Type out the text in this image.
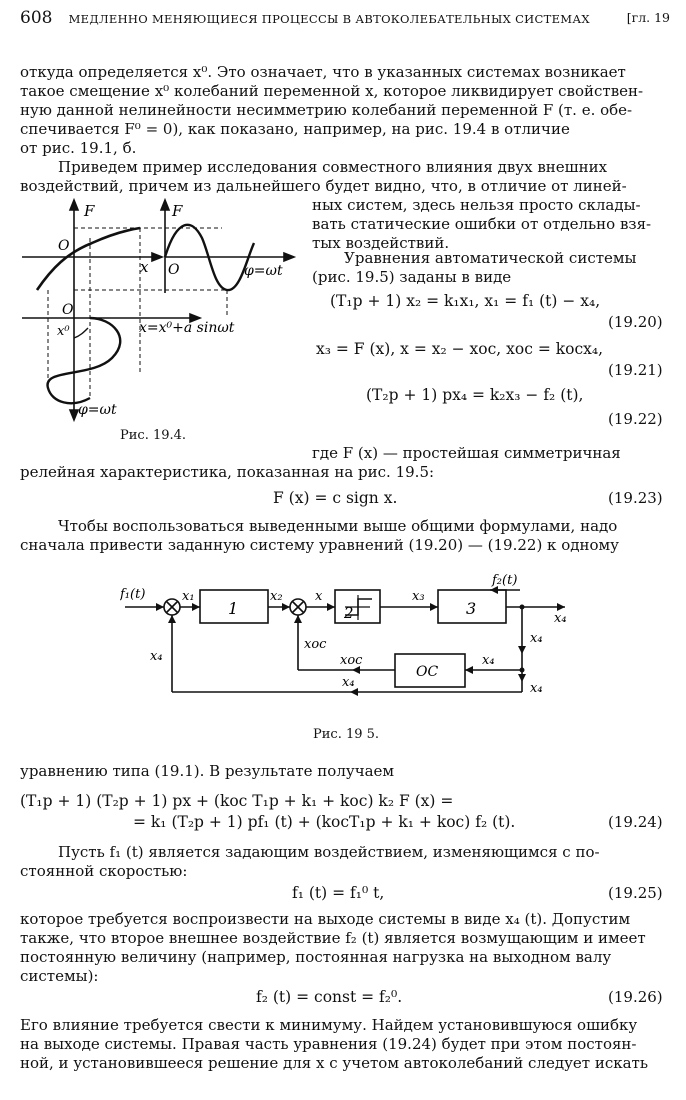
608 МЕДЛЕННО МЕНЯЮЩИЕСЯ ПРОЦЕССЫ В АВТОКОЛЕБАТЕЛЬНЫХ СИСТЕМАХ	[гл. 19
откуда определяется x⁰. Это означает, что в указанных системах возникает
такое смещение x⁰ колебаний переменной x, которое ликвидирует свойствен-
ную данной нелинейности несимметрию колебаний переменной F (т. е. обе-
спечивается F⁰ = 0), как показано, например, на рис. 19.4 в отличие
от рис. 19.1, б.
Приведем пример исследования совместного влияния двух внешних
воздействий, причем из дальнейшего будет видно, что, в отличие от линей-
ных систем, здесь нельзя просто склады-
вать статические ошибки от отдельно взя-
тых воздействий.
Уравнения автоматической системы
(рис. 19.5) заданы в виде
(T₁p + 1) x₂ = k₁x₁, x₁ = f₁ (t) − x₄,
(19.20)
x₃ = F (x), x = x₂ − xос, xос = kосx₄,
(19.21)
(T₂p + 1) px₄ = k₂x₃ − f₂ (t),
(19.22)
F	F
O
O
O
x	φ=ωt
x⁰	x=x⁰+a sinωt
φ=ωt
Рис. 19.4.
где F (x) — простейшая симметричная
релейная характеристика, показанная на рис. 19.5:
F (x) = c sign x.	(19.23)
Чтобы воспользоваться выведенными выше общими формулами, надо
сначала привести заданную систему уравнений (19.20) — (19.22) к одному
f₁(t)	x₁
1
x₂ x
2
x₃
3
f₂(t)
x₄
xос
x₄	xос
ОС
x₄
x₄
x₄
x₄
Рис. 19 5.
уравнению типа (19.1). В результате получаем
(T₁p + 1) (T₂p + 1) px + (kос T₁p + k₁ + kос) k₂ F (x) =
= k₁ (T₂p + 1) pf₁ (t) + (kосT₁p + k₁ + kос) f₂ (t).	(19.24)
Пусть f₁ (t) является задающим воздействием, изменяющимся с по-
стоянной скоростью:
f₁ (t) = f₁⁰ t,	(19.25)
которое требуется воспроизвести на выходе системы в виде x₄ (t). Допустим
также, что второе внешнее воздействие f₂ (t) является возмущающим и имеет
постоянную величину (например, постоянная нагрузка на выходном валу
системы):
f₂ (t) = const = f₂⁰.	(19.26)
Его влияние требуется свести к минимуму. Найдем установившуюся ошибку
на выходе системы. Правая часть уравнения (19.24) будет при этом постоян-
ной, и установившееся решение для x с учетом автоколебаний следует искать
